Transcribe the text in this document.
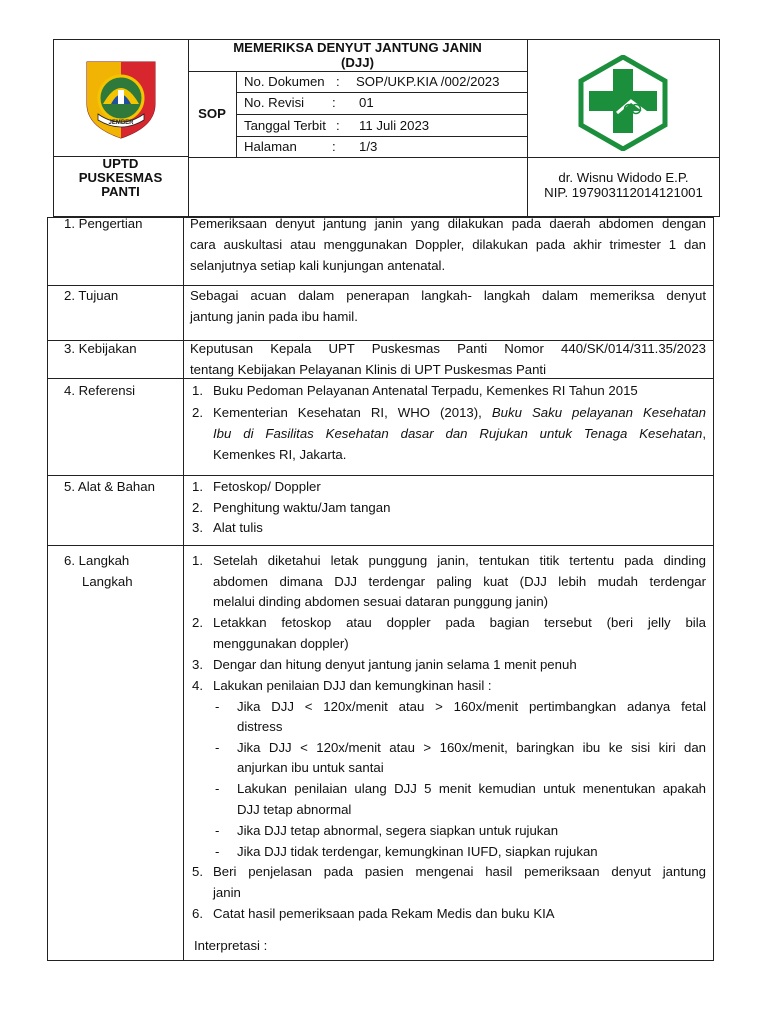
JEMBER
UPTD
PUSKESMAS
PANTI
MEMERIKSA DENYUT JANTUNG JANIN
(DJJ)
SOP
No. Dokumen : SOP/UKP.KIA /002/2023
No. Revisi : 01
Tanggal Terbit : 11 Juli 2023
Halaman	: 1/3
dr. Wisnu Widodo E.P.
NIP. 197903112014121001
1. Pengertian	Pemeriksaan denyut jantung janin yang dilakukan pada daerah abdomen dengan
cara auskultasi atau menggunakan Doppler, dilakukan pada akhir trimester 1 dan
selanjutnya setiap kali kunjungan antenatal.
2. Tujuan	Sebagai acuan dalam penerapan langkah- langkah dalam memeriksa denyut
jantung janin pada ibu hamil.
3. Kebijakan	Keputusan Kepala UPT Puskesmas Panti Nomor 440/SK/014/311.35/2023
tentang Kebijakan Pelayanan Klinis di UPT Puskesmas Panti
4. Referensi	1. Buku Pedoman Pelayanan Antenatal Terpadu, Kemenkes RI Tahun 2015
2. Kementerian Kesehatan RI, WHO (2013), Buku Saku pelayanan Kesehatan
Ibu di Fasilitas Kesehatan dasar dan Rujukan untuk Tenaga Kesehatan,
Kemenkes RI, Jakarta.
5. Alat & Bahan	1. Fetoskop/ Doppler
2. Penghitung waktu/Jam tangan
3. Alat tulis
6. Langkah
Langkah
1. Setelah diketahui letak punggung janin, tentukan titik tertentu pada dinding
abdomen dimana DJJ terdengar paling kuat (DJJ lebih mudah terdengar
melalui dinding abdomen sesuai dataran punggung janin)
2. Letakkan fetoskop atau doppler pada bagian tersebut (beri jelly bila
menggunakan doppler)
3. Dengar dan hitung denyut jantung janin selama 1 menit penuh
4. Lakukan penilaian DJJ dan kemungkinan hasil :
- Jika DJJ < 120x/menit atau > 160x/menit pertimbangkan adanya fetal
distress
- Jika DJJ < 120x/menit atau > 160x/menit, baringkan ibu ke sisi kiri dan
anjurkan ibu untuk santai
- Lakukan penilaian ulang DJJ 5 menit kemudian untuk menentukan apakah
DJJ tetap abnormal
- Jika DJJ tetap abnormal, segera siapkan untuk rujukan
- Jika DJJ tidak terdengar, kemungkinan IUFD, siapkan rujukan
5. Beri penjelasan pada pasien mengenai hasil pemeriksaan denyut jantung
janin
6. Catat hasil pemeriksaan pada Rekam Medis dan buku KIA
Interpretasi :
